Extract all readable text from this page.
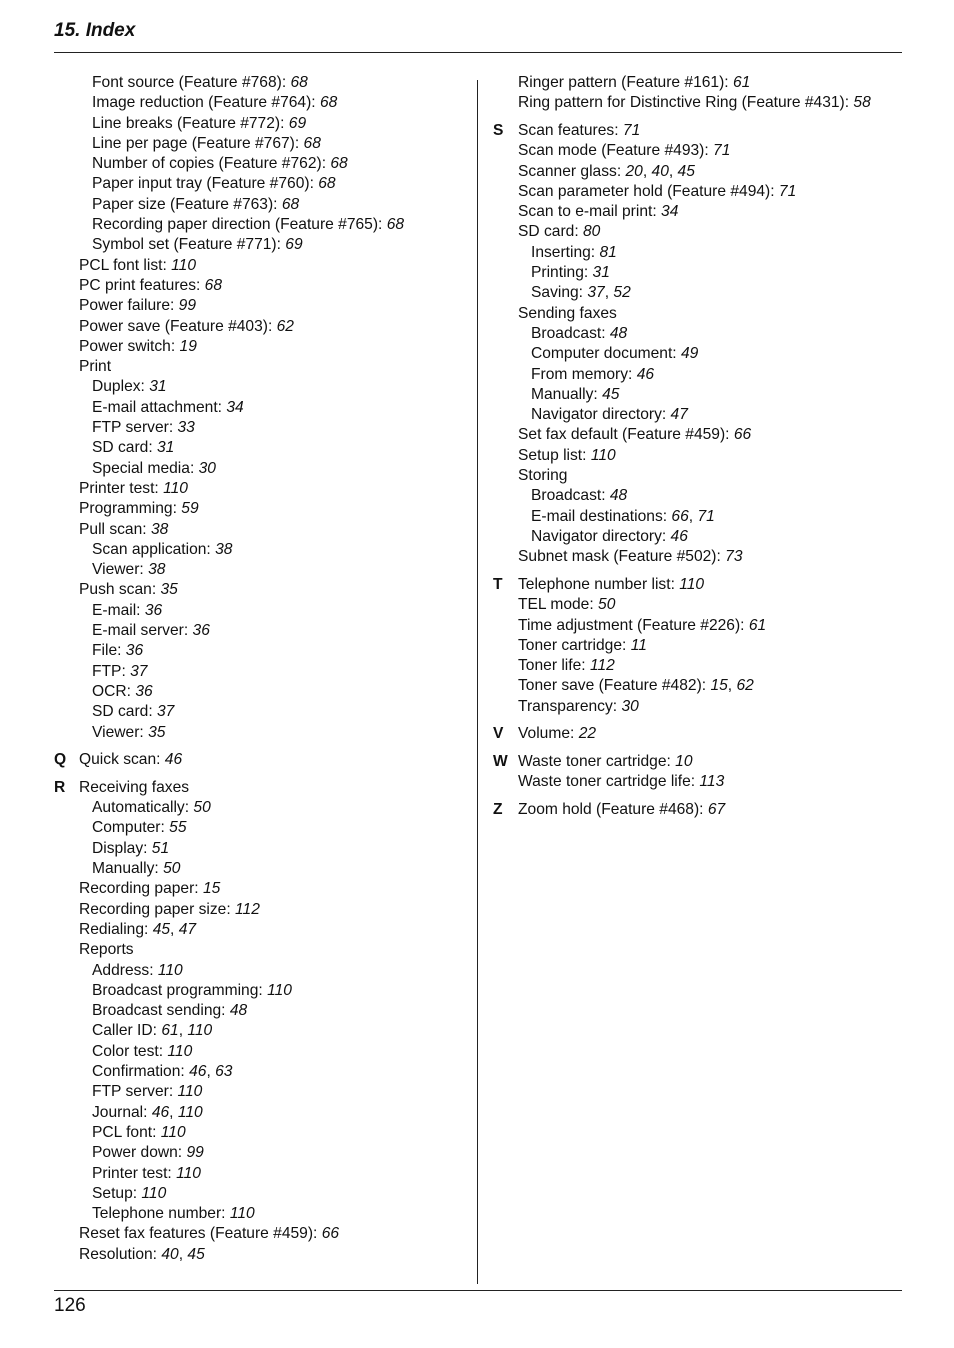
15. Index
Font source (Feature #768): 68
Image reduction (Feature #764): 68
Line breaks (Feature #772): 69
Line per page (Feature #767): 68
Number of copies (Feature #762): 68
Paper input tray (Feature #760): 68
Paper size (Feature #763): 68
Recording paper direction (Feature #765): 68
Symbol set (Feature #771): 69
PCL font list: 110
PC print features: 68
Power failure: 99
Power save (Feature #403): 62
Power switch: 19
Print
Duplex: 31
E-mail attachment: 34
FTP server: 33
SD card: 31
Special media: 30
Printer test: 110
Programming: 59
Pull scan: 38
Scan application: 38
Viewer: 38
Push scan: 35
E-mail: 36
E-mail server: 36
File: 36
FTP: 37
OCR: 36
SD card: 37
Viewer: 35
Q Quick scan: 46
R Receiving faxes
Automatically: 50
Computer: 55
Display: 51
Manually: 50
Recording paper: 15
Recording paper size: 112
Redialing: 45, 47
Reports
Address: 110
Broadcast programming: 110
Broadcast sending: 48
Caller ID: 61, 110
Color test: 110
Confirmation: 46, 63
FTP server: 110
Journal: 46, 110
PCL font: 110
Power down: 99
Printer test: 110
Setup: 110
Telephone number: 110
Reset fax features (Feature #459): 66
Resolution: 40, 45
Ringer pattern (Feature #161): 61
Ring pattern for Distinctive Ring (Feature #431): 58
S Scan features: 71
Scan mode (Feature #493): 71
Scanner glass: 20, 40, 45
Scan parameter hold (Feature #494): 71
Scan to e-mail print: 34
SD card: 80
Inserting: 81
Printing: 31
Saving: 37, 52
Sending faxes
Broadcast: 48
Computer document: 49
From memory: 46
Manually: 45
Navigator directory: 47
Set fax default (Feature #459): 66
Setup list: 110
Storing
Broadcast: 48
E-mail destinations: 66, 71
Navigator directory: 46
Subnet mask (Feature #502): 73
T Telephone number list: 110
TEL mode: 50
Time adjustment (Feature #226): 61
Toner cartridge: 11
Toner life: 112
Toner save (Feature #482): 15, 62
Transparency: 30
V Volume: 22
W Waste toner cartridge: 10
Waste toner cartridge life: 113
Z Zoom hold (Feature #468): 67
126
